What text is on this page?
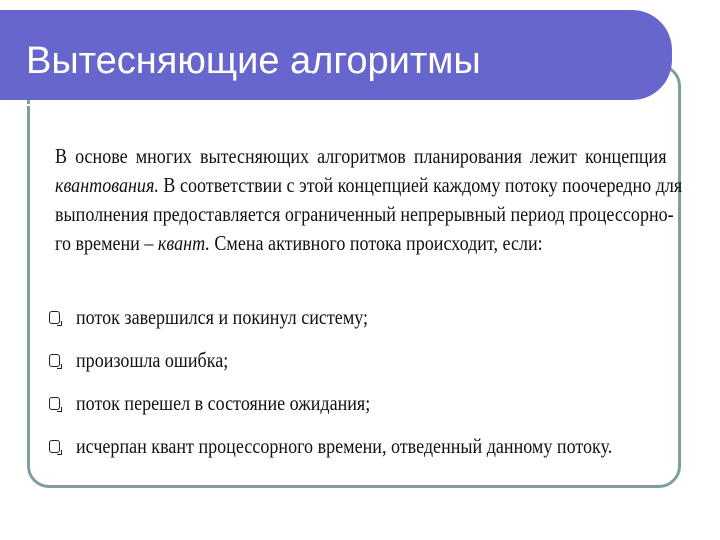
Вытесняющие алгоритмы

В основе многих вытесняющих алгоритмов планирования лежит концепция

квантования. В соответствии с этой концепцией каждому потоку поочередно для

выполнения предоставляется ограниченный непрерывный период процессорно-

го времени – квант. Смена активного потока происходит, если:

поток завершился и покинул систему;
произошла ошибка;
поток перешел в состояние ожидания;
исчерпан квант процессорного времени, отведенный данному потоку.
